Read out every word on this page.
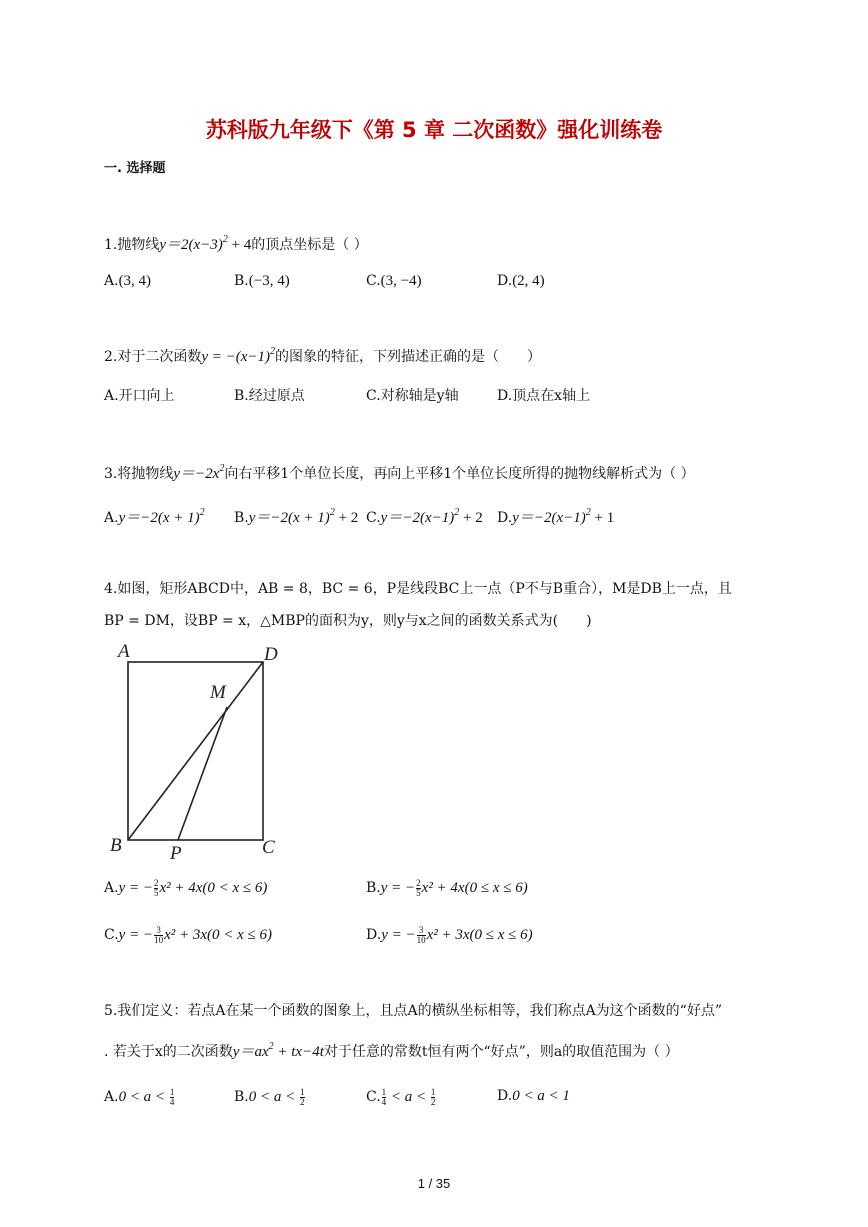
苏科版九年级下《第 5 章 二次函数》强化训练卷
一. 选择题
1.抛物线$y=2(x-3)^2 + 4$的顶点坐标是（ ）
A.(3, 4)	B.(−3, 4)	C.(3, −4)	D.(2, 4)
2.对于二次函数$y = -(x-1)^2$的图象的特征，下列描述正确的是（　　）
A.开口向上	B.经过原点	C.对称轴是y轴	D.顶点在x轴上
3.将抛物线$y=-2x^2$向右平移1个单位长度，再向上平移1个单位长度所得的抛物线解析式为（ ）
$A.y=-2(x + 1)^2$ $B.y=-2(x + 1)^2 + 2$ $C.y=-2(x-1)^2 + 2$ $D.y=-2(x-1)^2 + 1$
4.如图，矩形ABCD中，AB = 8，BC = 6，P是线段BC上一点（P不与B重合），M是DB上一点，且
BP = DM，设BP = x，△MBP的面积为y，则y与x之间的函数关系式为(　　)
A	D
M
B	P	C
A.y = − $\frac{2}{5} x^2 + 4x(0 < x \le 6)$	B.y = − $\frac{2}{5} x^2 + 4x(0 \le x \le 6)$
C.y = − $\frac{3}{10} x^2 + 3x(0 < x \le 6)$	D.y = − $\frac{3}{10} x^2 + 3x(0 \le x \le 6)$
5.我们定义：若点A在某一个函数的图象上，且点A的横纵坐标相等，我们称点A为这个函数的“好点”
. 若关于x的二次函数$y=ax^2 + tx-4t$对于任意的常数t恒有两个“好点”，则a的取值范围为（ ）
$A.0 < a < \frac{1}{4}$	$B.0 < a < \frac{1}{2}$	C. $\frac{1}{4} < a < \frac{1}{2}$	D.0 < a < 1
1 / 35
